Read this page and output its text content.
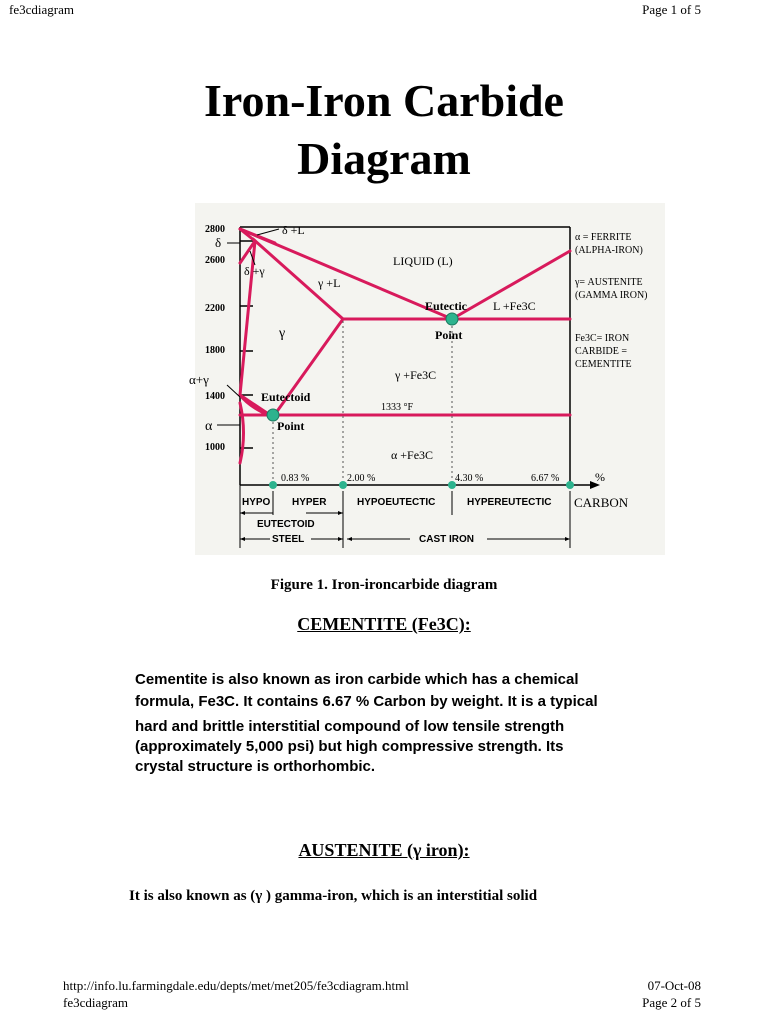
fe3cdiagram	Page 1 of 5
Iron-Iron Carbide
Diagram
2800
2600
2200
1800
1400
1000
δ +L
δ
δ +γ
γ +L
LIQUID (L)
γ
α+γ
α
γ +Fe3C
1333 °F
α +Fe3C
L +Fe3C
Eutectic
Point
Eutectoid
Point
0.83 %	2.00 %	4.30 %	6.67 %	%
CARBON
HYPO HYPER	HYPOEUTECTIC	HYPEREUTECTIC
EUTECTOID
STEEL	CAST IRON
α = FERRITE
(ALPHA-IRON)
γ= AUSTENITE
(GAMMA IRON)
Fe3C= IRON
CARBIDE =
CEMENTITE
Figure 1. Iron-ironcarbide diagram
CEMENTITE (Fe3C):
Cementite is also known as iron carbide which has a chemical
formula, Fe3C. It contains 6.67 % Carbon by weight. It is a typical
hard and brittle interstitial compound of low tensile strength
(approximately 5,000 psi) but high compressive strength. Its
crystal structure is orthorhombic.
AUSTENITE (γ iron):
It is also known as (γ ) gamma-iron, which is an interstitial solid
http://info.lu.farmingdale.edu/depts/met/met205/fe3cdiagram.html	07-Oct-08
fe3cdiagram	Page 2 of 5
